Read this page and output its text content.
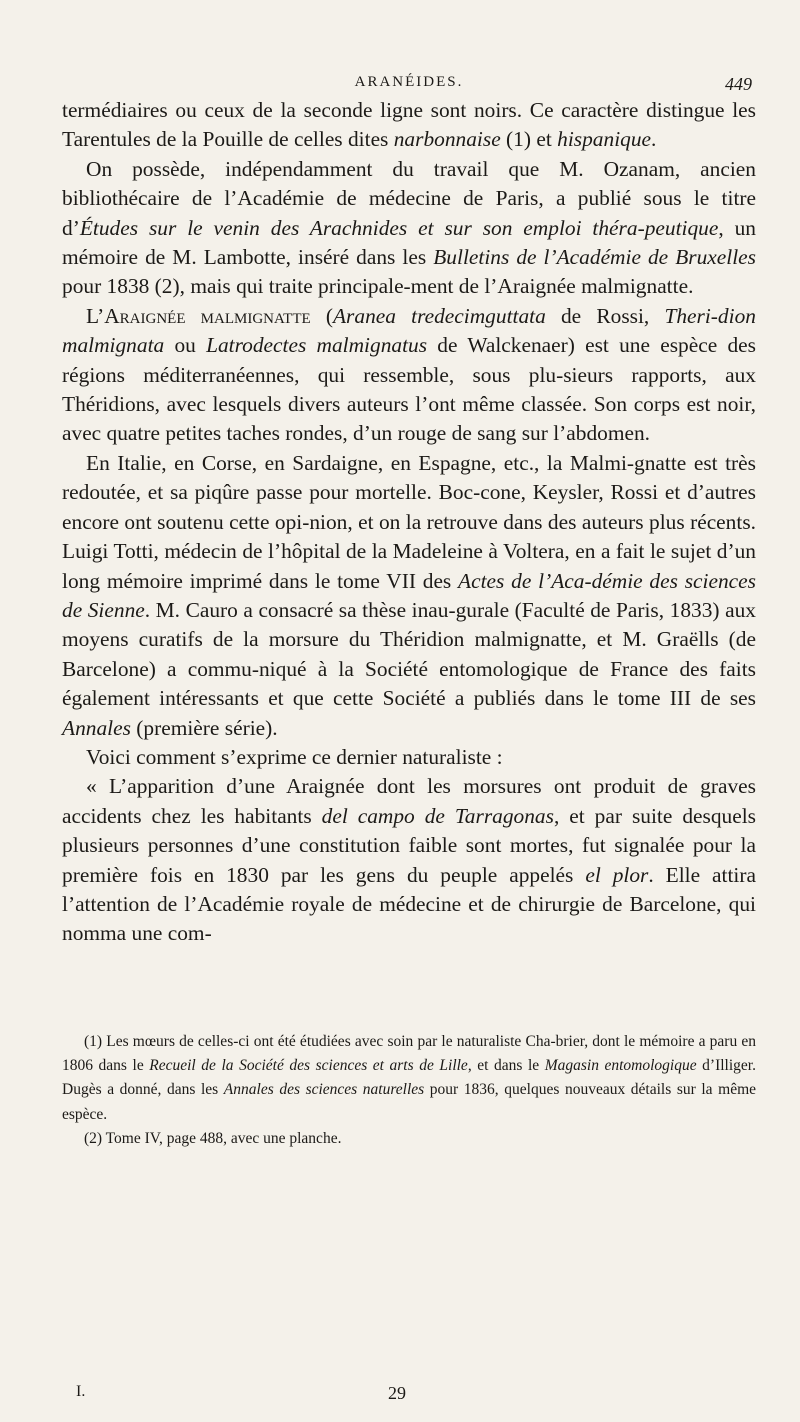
ARANÉIDES.	449

termédiaires ou ceux de la seconde ligne sont noirs. Ce caractère distingue les Tarentules de la Pouille de celles dites narbonnaise (1) et hispanique.

On possède, indépendamment du travail que M. Ozanam, ancien bibliothécaire de l’Académie de médecine de Paris, a publié sous le titre d’Études sur le venin des Arachnides et sur son emploi théra-peutique, un mémoire de M. Lambotte, inséré dans les Bulletins de l’Académie de Bruxelles pour 1838 (2), mais qui traite principale-ment de l’Araignée malmignatte.

L’Araignée malmignatte (Aranea tredecimguttata de Rossi, Theri-dion malmignata ou Latrodectes malmignatus de Walckenaer) est une espèce des régions méditerranéennes, qui ressemble, sous plu-sieurs rapports, aux Théridions, avec lesquels divers auteurs l’ont même classée. Son corps est noir, avec quatre petites taches rondes, d’un rouge de sang sur l’abdomen.

En Italie, en Corse, en Sardaigne, en Espagne, etc., la Malmi-gnatte est très redoutée, et sa piqûre passe pour mortelle. Boc-cone, Keysler, Rossi et d’autres encore ont soutenu cette opi-nion, et on la retrouve dans des auteurs plus récents. Luigi Totti, médecin de l’hôpital de la Madeleine à Voltera, en a fait le sujet d’un long mémoire imprimé dans le tome VII des Actes de l’Aca-démie des sciences de Sienne. M. Cauro a consacré sa thèse inau-gurale (Faculté de Paris, 1833) aux moyens curatifs de la morsure du Théridion malmignatte, et M. Graëlls (de Barcelone) a commu-niqué à la Société entomologique de France des faits également intéressants et que cette Société a publiés dans le tome III de ses Annales (première série).

Voici comment s’exprime ce dernier naturaliste :

« L’apparition d’une Araignée dont les morsures ont produit de graves accidents chez les habitants del campo de Tarragonas, et par suite desquels plusieurs personnes d’une constitution faible sont mortes, fut signalée pour la première fois en 1830 par les gens du peuple appelés el plor. Elle attira l’attention de l’Académie royale de médecine et de chirurgie de Barcelone, qui nomma une com-

(1) Les mœurs de celles-ci ont été étudiées avec soin par le naturaliste Cha-brier, dont le mémoire a paru en 1806 dans le Recueil de la Société des sciences et arts de Lille, et dans le Magasin entomologique d’Illiger. Dugès a donné, dans les Annales des sciences naturelles pour 1836, quelques nouveaux détails sur la même espèce.

(2) Tome IV, page 488, avec une planche.

I.	29
